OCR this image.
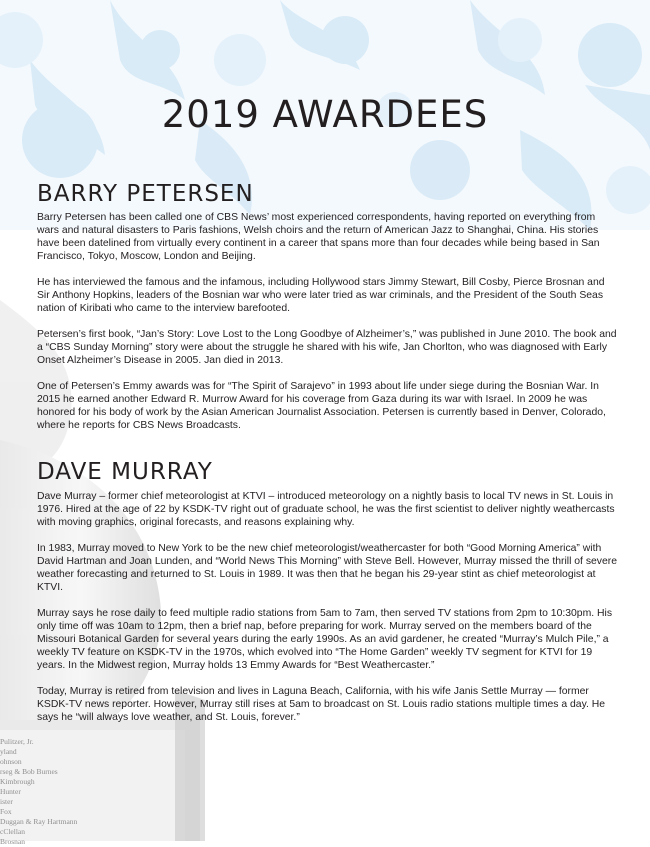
2019 AWARDEES
BARRY PETERSEN

Barry Petersen has been called one of CBS News’ most experienced correspondents, having reported on everything from wars and natural disasters to Paris fashions, Welsh choirs and the return of American Jazz to Shanghai, China. His stories have been datelined from virtually every continent in a career that spans more than four decades while being based in San Francisco, Tokyo, Moscow, London and Beijing.

He has interviewed the famous and the infamous, including Hollywood stars Jimmy Stewart, Bill Cosby, Pierce Brosnan and Sir Anthony Hopkins, leaders of the Bosnian war who were later tried as war criminals, and the President of the South Seas nation of Kiribati who came to the interview barefooted.

Petersen’s first book, “Jan’s Story: Love Lost to the Long Goodbye of Alzheimer’s,” was published in June 2010. The book and a “CBS Sunday Morning” story were about the struggle he shared with his wife, Jan Chorlton, who was diagnosed with Early Onset Alzheimer’s Disease in 2005. Jan died in 2013.

One of Petersen’s Emmy awards was for “The Spirit of Sarajevo” in 1993 about life under siege during the Bosnian War. In 2015 he earned another Edward R. Murrow Award for his coverage from Gaza during its war with Israel. In 2009 he was honored for his body of work by the Asian American Journalist Association. Petersen is currently based in Denver, Colorado, where he reports for CBS News Broadcasts.

DAVE MURRAY

Dave Murray – former chief meteorologist at KTVI – introduced meteorology on a nightly basis to local TV news in St. Louis in 1976. Hired at the age of 22 by KSDK-TV right out of graduate school, he was the first scientist to deliver nightly weathercasts with moving graphics, original forecasts, and reasons explaining why.

In 1983, Murray moved to New York to be the new chief meteorologist/weathercaster for both “Good Morning America” with David Hartman and Joan Lunden, and “World News This Morning” with Steve Bell. However, Murray missed the thrill of severe weather forecasting and returned to St. Louis in 1989. It was then that he began his 29-year stint as chief meteorologist at KTVI.

Murray says he rose daily to feed multiple radio stations from 5am to 7am, then served TV stations from 2pm to 10:30pm. His only time off was 10am to 12pm, then a brief nap, before preparing for work. Murray served on the members board of the Missouri Botanical Garden for several years during the early 1990s. As an avid gardener, he created “Murray’s Mulch Pile,” a weekly TV feature on KSDK-TV in the 1970s, which evolved into “The Home Garden” weekly TV segment for KTVI for 19 years. In the Midwest region, Murray holds 13 Emmy Awards for “Best Weathercaster.”

Today, Murray is retired from television and lives in Laguna Beach, California, with his wife Janis Settle Murray — former KSDK-TV news reporter. However, Murray still rises at 5am to broadcast on St. Louis radio stations multiple times a day. He says he “will always love weather, and St. Louis, forever.”

Pulitzer, Jr.
yland
ohnson
rseg & Bob Burnes
Kimbrough
Hunter
ister
Fox
Duggan & Ray Hartmann
cClellan
Brosnan
